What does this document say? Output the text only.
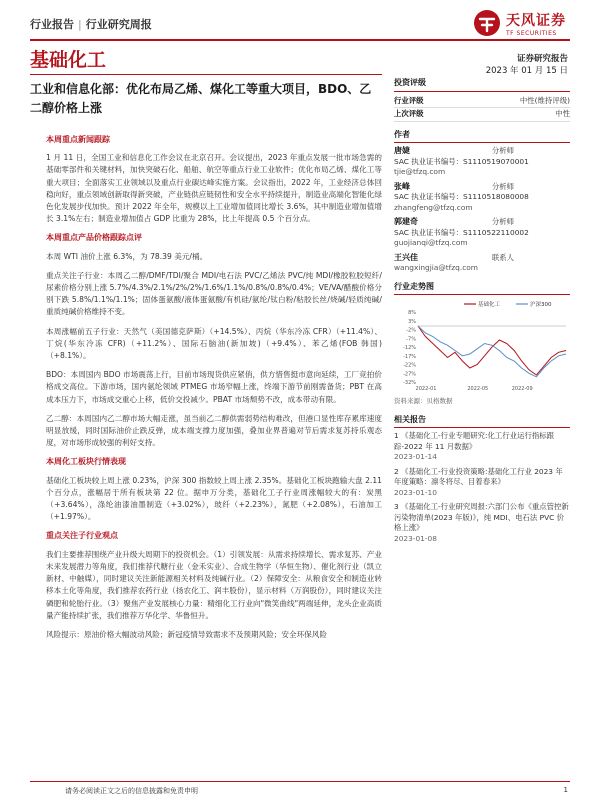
行业报告 | 行业研究周报	天风证券
TF SECURITIES
基础化工	证券研究报告
2023 年 01 月 15 日
工业和信息化部：优化布局乙烯、煤化工等重大项目，BDO、乙二醇价格上涨
本周重点新闻跟踪

1 月 11 日，全国工业和信息化工作会议在北京召开。会议提出，2023 年重点发展一批市场急需的基础零部件和关键材料，加快突破石化、船舶、航空等重点行业工业软件；优化布局乙烯、煤化工等重大项目；全面落实工业领域以及重点行业碳达峰实施方案。会议指出，2022 年，工业经济总体回稳向好，重点领域创新取得新突破，产业链供应链韧性和安全水平持续提升，制造业高端化智能化绿色化发展步伐加快。预计 2022 年全年，规模以上工业增加值同比增长 3.6%，其中制造业增加值增长 3.1%左右；制造业增加值占 GDP 比重为 28%，比上年提高 0.5 个百分点。

本周重点产品价格跟踪点评

本周 WTI 油价上涨 6.3%，为 78.39 美元/桶。

重点关注子行业：本周乙二醇/DMF/TDI/聚合 MDI/电石法 PVC/乙烯法 PVC/纯 MDI/橡胶粒胶短纤/尿素价格分别上涨 5.7%/4.3%/2.1%/2%/2%/1.6%/1.1%/0.8%/0.8%/0.4%；VE/VA/醋酸价格分别下跌 5.8%/1.1%/1.1%；固体蛋氨酸/液体蛋氨酸/有机硅/氨纶/钛白粉/粘胶长丝/烧碱/轻质纯碱/重质纯碱价格维持不变。

本周涨幅前五子行业：天然气（美国德克萨斯）（+14.5%）、丙烷（华东冷冻 CFR）（+11.4%）、丁烷(华东冷冻 CFR)（+11.2%）、国际石脑油(新加坡)（+9.4%）、苯乙烯(FOB 韩国)（+8.1%）。

BDO：本周国内 BDO 市场震荡上行，目前市场现货供应紧俏，供方惜售挺市意向延续，工厂竞拍价格成交高位。下游市场，国内氨纶领域 PTMEG 市场窄幅上涨，终端下游节前刚需备货；PBT 在高成本压力下，市场成交重心上移，低价交投减少。PBAT 市场颓势不改，成本带动有限。

乙二醇：本周国内乙二醇市场大幅走涨，虽当前乙二醇供需弱势结构难改，但港口显性库存累库速度明显放缓，同时国际油价止跌反弹，成本端支撑力度加强，叠加业界普遍对节后需求复苏持乐观态度，对市场形成较强的利好支持。

本周化工板块行情表现

基础化工板块较上周上涨 0.23%，沪深 300 指数较上周上涨 2.35%。基础化工板块跑输大盘 2.11 个百分点，涨幅居于所有板块第 22 位。据申万分类，基础化工子行业周涨幅较大的有：炭黑（+3.64%），涤纶油漆油墨制造（+3.02%），玻纤（+2.23%），氮肥（+2.08%），石油加工（+1.97%）。

重点关注子行业观点

我们主要推荐围绕产业升级大周期下的投资机会。（1）引领发展：从需求持续增长、需求复苏、产业未来发展潜力等角度，我们推荐代糖行业（金禾实业）、合成生物学（华恒生物）、催化剂行业（凯立新材、中触媒），同时建议关注新能源相关材料及纯碱行业。（2）保障安全：从粮食安全和制造业转移本土化等角度，我们推荐农药行业（扬农化工、润丰股份），显示材料（万润股份），同时建议关注磷肥和轮胎行业。（3）聚焦产业发展核心力量：精细化工行业向"微笑曲线"两端延伸，龙头企业高质量产能持续扩张，我们推荐万华化学、华鲁恒升。

风险提示：原油价格大幅波动风险；新冠疫情导致需求不及预期风险；安全环保风险

投资评级
行业评级	中性(维持评级)
上次评级	中性
作者
唐婕	分析师
SAC 执业证书编号：S1110519070001
tjie@tfzq.com
张峰	分析师
SAC 执业证书编号：S1110518080008
zhangfeng@tfzq.com
郭建奇	分析师
SAC 执业证书编号：S1110522110002
guojianqi@tfzq.com
王兴佳	联系人
wangxingjia@tfzq.com
行业走势图
8%
3%
-2%
-7%
-12%
-17%
-22%
-27%
-32%
2022-01	2022-05	2022-09
基础化工	沪深300
资料来源：贝格数据
相关报告
1 《基础化工-行业专题研究:化工行业运行指标跟踪-2022 年 11 月数据》
2023-01-14
2 《基础化工-行业投资策略:基础化工行业 2023 年年度策略：凛冬将尽、目着春来》
2023-01-10
3 《基础化工-行业研究周报:六部门公布《重点管控新污染物清单(2023 年版)》，纯 MDI、电石法 PVC 价格上涨》
2023-01-08
请务必阅读正文之后的信息披露和免责申明	1
